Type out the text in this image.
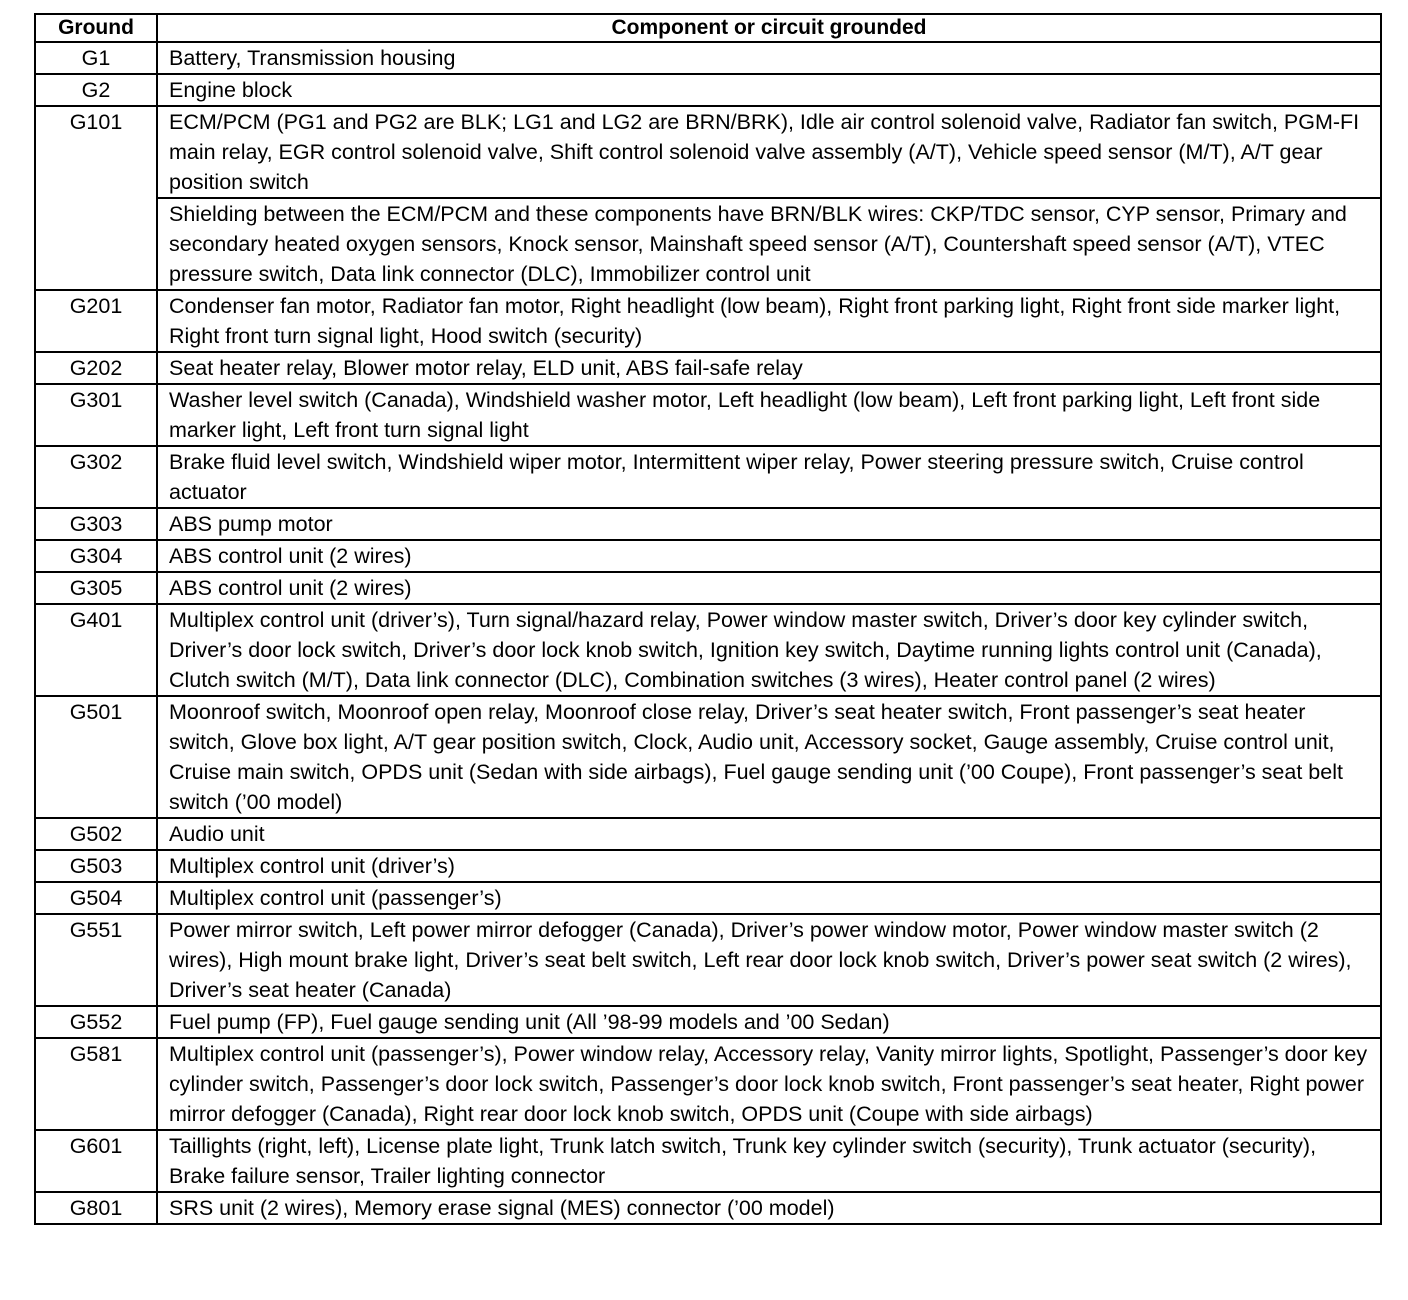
Ground	Component or circuit grounded
G1	Battery, Transmission housing
G2	Engine block
G101	ECM/PCM (PG1 and PG2 are BLK; LG1 and LG2 are BRN/BRK), Idle air control solenoid valve, Radiator fan switch, PGM-FI main relay, EGR control solenoid valve, Shift control solenoid valve assembly (A/T), Vehicle speed sensor (M/T), A/T gear position switch
	Shielding between the ECM/PCM and these components have BRN/BLK wires: CKP/TDC sensor, CYP sensor, Primary and secondary heated oxygen sensors, Knock sensor, Mainshaft speed sensor (A/T), Countershaft speed sensor (A/T), VTEC pressure switch, Data link connector (DLC), Immobilizer control unit
G201	Condenser fan motor, Radiator fan motor, Right headlight (low beam), Right front parking light, Right front side marker light, Right front turn signal light, Hood switch (security)
G202	Seat heater relay, Blower motor relay, ELD unit, ABS fail-safe relay
G301	Washer level switch (Canada), Windshield washer motor, Left headlight (low beam), Left front parking light, Left front side marker light, Left front turn signal light
G302	Brake fluid level switch, Windshield wiper motor, Intermittent wiper relay, Power steering pressure switch, Cruise control actuator
G303	ABS pump motor
G304	ABS control unit (2 wires)
G305	ABS control unit (2 wires)
G401	Multiplex control unit (driver’s), Turn signal/hazard relay, Power window master switch, Driver’s door key cylinder switch, Driver’s door lock switch, Driver’s door lock knob switch, Ignition key switch, Daytime running lights control unit (Canada), Clutch switch (M/T), Data link connector (DLC), Combination switches (3 wires), Heater control panel (2 wires)
G501	Moonroof switch, Moonroof open relay, Moonroof close relay, Driver’s seat heater switch, Front passenger’s seat heater switch, Glove box light, A/T gear position switch, Clock, Audio unit, Accessory socket, Gauge assembly, Cruise control unit, Cruise main switch, OPDS unit (Sedan with side airbags), Fuel gauge sending unit (’00 Coupe), Front passenger’s seat belt switch (’00 model)
G502	Audio unit
G503	Multiplex control unit (driver’s)
G504	Multiplex control unit (passenger’s)
G551	Power mirror switch, Left power mirror defogger (Canada), Driver’s power window motor, Power window master switch (2 wires), High mount brake light, Driver’s seat belt switch, Left rear door lock knob switch, Driver’s power seat switch (2 wires), Driver’s seat heater (Canada)
G552	Fuel pump (FP), Fuel gauge sending unit (All ’98-99 models and ’00 Sedan)
G581	Multiplex control unit (passenger’s), Power window relay, Accessory relay, Vanity mirror lights, Spotlight, Passenger’s door key cylinder switch, Passenger’s door lock switch, Passenger’s door lock knob switch, Front passenger’s seat heater, Right power mirror defogger (Canada), Right rear door lock knob switch, OPDS unit (Coupe with side airbags)
G601	Taillights (right, left), License plate light, Trunk latch switch, Trunk key cylinder switch (security), Trunk actuator (security), Brake failure sensor, Trailer lighting connector
G801	SRS unit (2 wires), Memory erase signal (MES) connector (’00 model)
